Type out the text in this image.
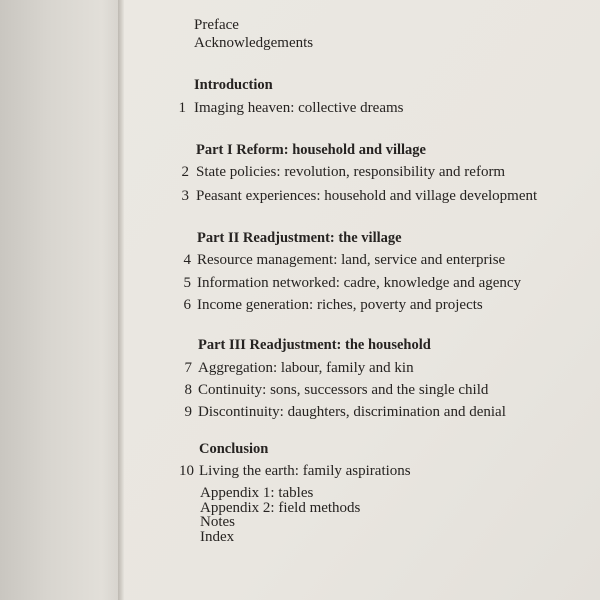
Preface
Acknowledgements
Introduction
1 Imaging heaven: collective dreams
Part I Reform: household and village
2 State policies: revolution, responsibility and reform
3 Peasant experiences: household and village development
Part II Readjustment: the village
4 Resource management: land, service and enterprise
5 Information networked: cadre, knowledge and agency
6 Income generation: riches, poverty and projects
Part III Readjustment: the household
7 Aggregation: labour, family and kin
8 Continuity: sons, successors and the single child
9 Discontinuity: daughters, discrimination and denial
Conclusion
10 Living the earth: family aspirations
Appendix 1: tables
Appendix 2: field methods
Notes
Index
